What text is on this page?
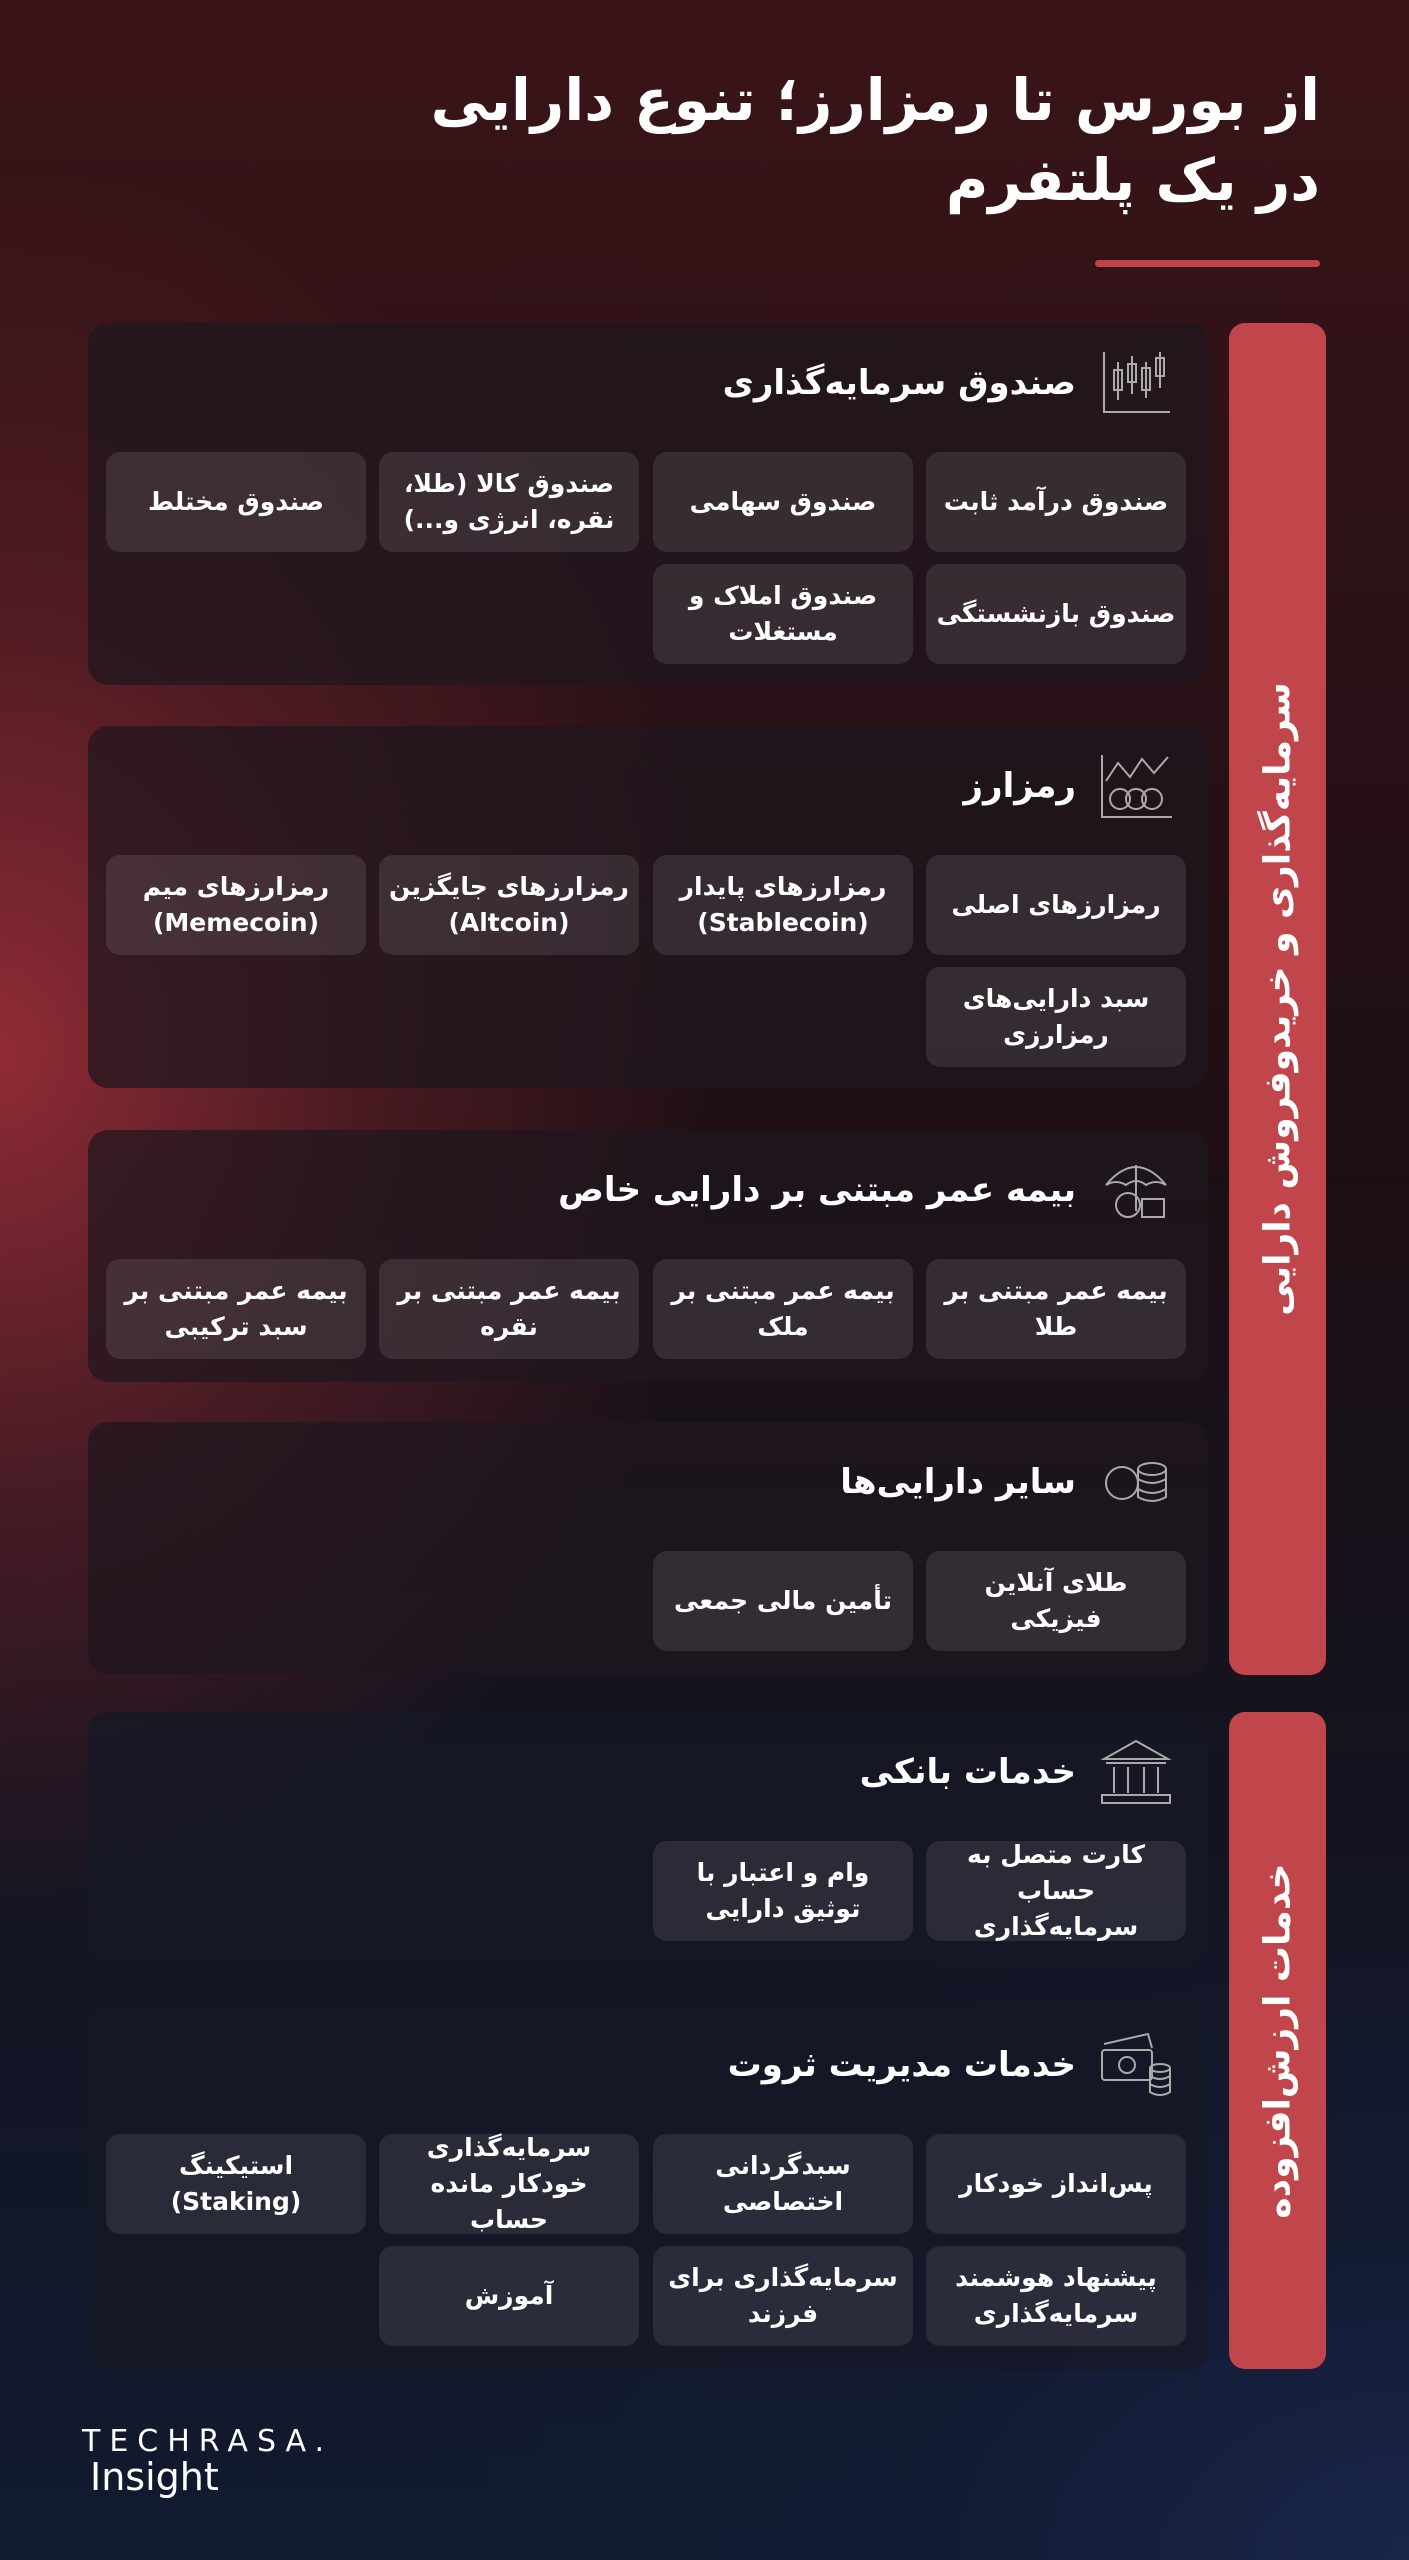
از بورس تا رمزارز؛ تنوع دارایی

در یک پلتفرم

سرمایه‌گذاری و خریدوفروش دارایی
خدمات ارزش‌افزوده
صندوق سرمایه‌گذاری
صندوق درآمد ثابت
صندوق سهامی
صندوق کالا (طلا، نقره، انرژی و...)
صندوق مختلط
صندوق بازنشستگی
صندوق املاک و مستغلات
رمزارز
رمزارزهای اصلی
رمزارزهای پایدار (Stablecoin)
رمزارزهای جایگزین (Altcoin)
رمزارزهای میم (Memecoin)
سبد دارایی‌های رمزارزی
بیمه عمر مبتنی بر دارایی خاص
بیمه عمر مبتنی بر طلا
بیمه عمر مبتنی بر ملک
بیمه عمر مبتنی بر نقره
بیمه عمر مبتنی بر سبد ترکیبی
سایر دارایی‌ها
طلای آنلاین فیزیکی
تأمین مالی جمعی
خدمات بانکی
کارت متصل به حساب سرمایه‌گذاری
وام و اعتبار با توثیق دارایی
خدمات مدیریت ثروت
پس‌انداز خودکار
سبدگردانی اختصاصی
سرمایه‌گذاری خودکار مانده حساب
استیکینگ (Staking)
پیشنهاد هوشمند سرمایه‌گذاری
سرمایه‌گذاری برای فرزند
آموزش
TECHRASA.
Insight
